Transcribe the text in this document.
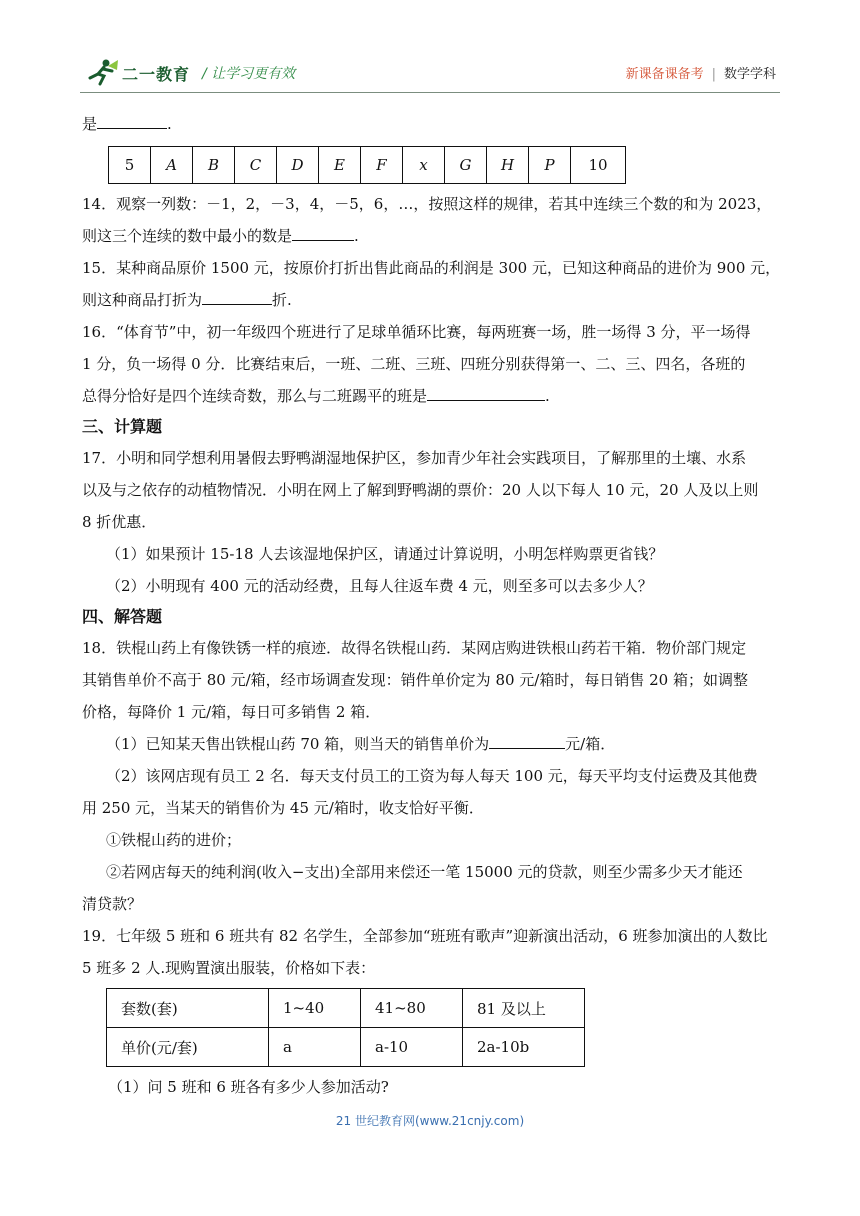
二一教育 / 让学习更有效	新课备课备考 | 数学学科

是	.

5	A	B	C	D	E	F	x	G	H	P	10

14．观察一列数：－1，2，－3，4，－5，6，…，按照这样的规律，若其中连续三个数的和为 2023，

则这三个连续的数中最小的数是	.

15．某种商品原价 1500 元，按原价打折出售此商品的利润是 300 元，已知这种商品的进价为 900 元，

则这种商品打折为	折.

16．“体育节”中，初一年级四个班进行了足球单循环比赛，每两班赛一场，胜一场得 3 分，平一场得

1 分，负一场得 0 分．比赛结束后，一班、二班、三班、四班分别获得第一、二、三、四名，各班的

总得分恰好是四个连续奇数，那么与二班踢平的班是	.

三、计算题

17．小明和同学想利用暑假去野鸭湖湿地保护区，参加青少年社会实践项目，了解那里的土壤、水系

以及与之依存的动植物情况．小明在网上了解到野鸭湖的票价：20 人以下每人 10 元，20 人及以上则

8 折优惠．

（1）如果预计 15-18 人去该湿地保护区，请通过计算说明，小明怎样购票更省钱？

（2）小明现有 400 元的活动经费，且每人往返车费 4 元，则至多可以去多少人？

四、解答题

18．铁棍山药上有像铁锈一样的痕迹．故得名铁棍山药．某网店购进铁根山药若干箱．物价部门规定

其销售单价不高于 80 元/箱，经市场调查发现：销件单价定为 80 元/箱时，每日销售 20 箱；如调整

价格，每降价 1 元/箱，每日可多销售 2 箱．

（1）已知某天售出铁棍山药 70 箱，则当天的销售单价为	元/箱．

（2）该网店现有员工 2 名．每天支付员工的工资为每人每天 100 元，每天平均支付运费及其他费

用 250 元，当某天的销售价为 45 元/箱时，收支恰好平衡．

①铁棍山药的进价；

②若网店每天的纯利润(收入−支出)全部用来偿还一笔 15000 元的贷款，则至少需多少天才能还

清贷款？

19．七年级 5 班和 6 班共有 82 名学生，全部参加“班班有歌声”迎新演出活动，6 班参加演出的人数比

5 班多 2 人.现购置演出服装，价格如下表：

套数(套)	1~40	41~80	81 及以上
单价(元/套)	a	a-10	2a-10b

（1）问 5 班和 6 班各有多少人参加活动?

21 世纪教育网(www.21cnjy.com)
